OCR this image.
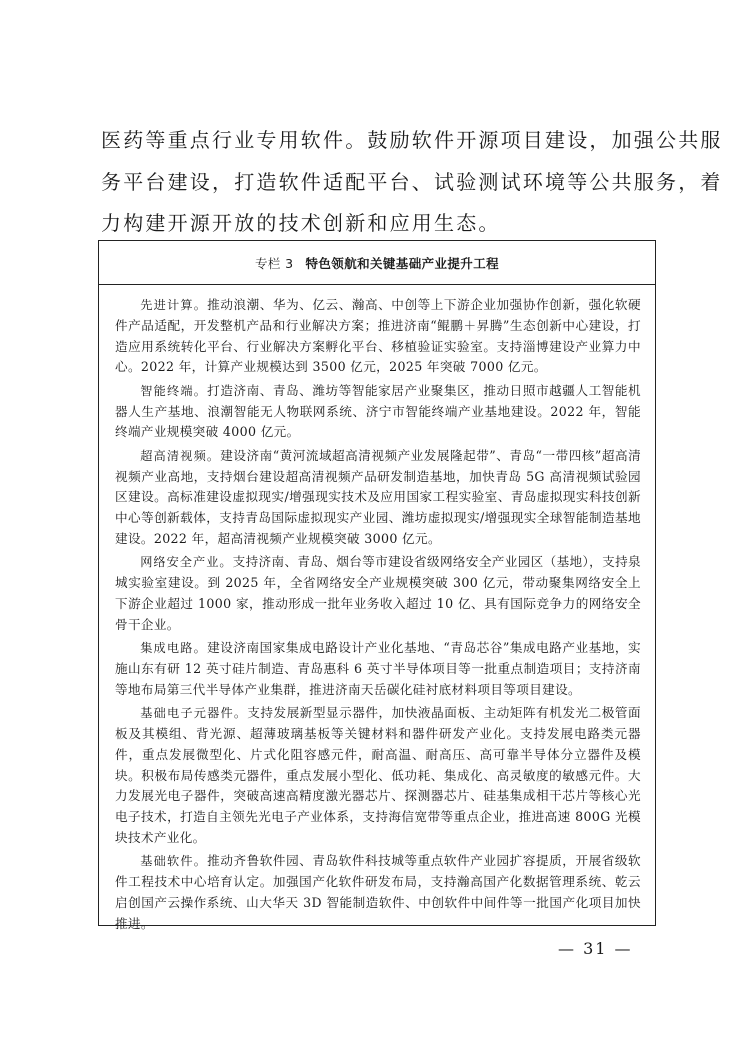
医药等重点行业专用软件。鼓励软件开源项目建设，加强公共服

务平台建设，打造软件适配平台、试验测试环境等公共服务，着

力构建开源开放的技术创新和应用生态。

专栏 3 特色领航和关键基础产业提升工程

先进计算。推动浪潮、华为、亿云、瀚高、中创等上下游企业加强协作创新，强化软硬件产品适配，开发整机产品和行业解决方案；推进济南“鲲鹏＋昇腾”生态创新中心建设，打造应用系统转化平台、行业解决方案孵化平台、移植验证实验室。支持淄博建设产业算力中心。2022 年，计算产业规模达到 3500 亿元，2025 年突破 7000 亿元。

智能终端。打造济南、青岛、潍坊等智能家居产业聚集区，推动日照市越疆人工智能机器人生产基地、浪潮智能无人物联网系统、济宁市智能终端产业基地建设。2022 年，智能终端产业规模突破 4000 亿元。

超高清视频。建设济南“黄河流域超高清视频产业发展隆起带”、青岛“一带四核”超高清视频产业高地，支持烟台建设超高清视频产品研发制造基地，加快青岛 5G 高清视频试验园区建设。高标准建设虚拟现实/增强现实技术及应用国家工程实验室、青岛虚拟现实科技创新中心等创新载体，支持青岛国际虚拟现实产业园、潍坊虚拟现实/增强现实全球智能制造基地建设。2022 年，超高清视频产业规模突破 3000 亿元。

网络安全产业。支持济南、青岛、烟台等市建设省级网络安全产业园区（基地），支持泉城实验室建设。到 2025 年，全省网络安全产业规模突破 300 亿元，带动聚集网络安全上下游企业超过 1000 家，推动形成一批年业务收入超过 10 亿、具有国际竞争力的网络安全骨干企业。

集成电路。建设济南国家集成电路设计产业化基地、“青岛芯谷”集成电路产业基地，实施山东有研 12 英寸硅片制造、青岛惠科 6 英寸半导体项目等一批重点制造项目；支持济南等地布局第三代半导体产业集群，推进济南天岳碳化硅衬底材料项目等项目建设。

基础电子元器件。支持发展新型显示器件，加快液晶面板、主动矩阵有机发光二极管面板及其模组、背光源、超薄玻璃基板等关键材料和器件研发产业化。支持发展电路类元器件，重点发展微型化、片式化阻容感元件，耐高温、耐高压、高可靠半导体分立器件及模块。积极布局传感类元器件，重点发展小型化、低功耗、集成化、高灵敏度的敏感元件。大力发展光电子器件，突破高速高精度激光器芯片、探测器芯片、硅基集成相干芯片等核心光电子技术，打造自主领先光电子产业体系，支持海信宽带等重点企业，推进高速 800G 光模块技术产业化。

基础软件。推动齐鲁软件园、青岛软件科技城等重点软件产业园扩容提质，开展省级软件工程技术中心培育认定。加强国产化软件研发布局，支持瀚高国产化数据管理系统、乾云启创国产云操作系统、山大华天 3D 智能制造软件、中创软件中间件等一批国产化项目加快推进。

— 31 —
